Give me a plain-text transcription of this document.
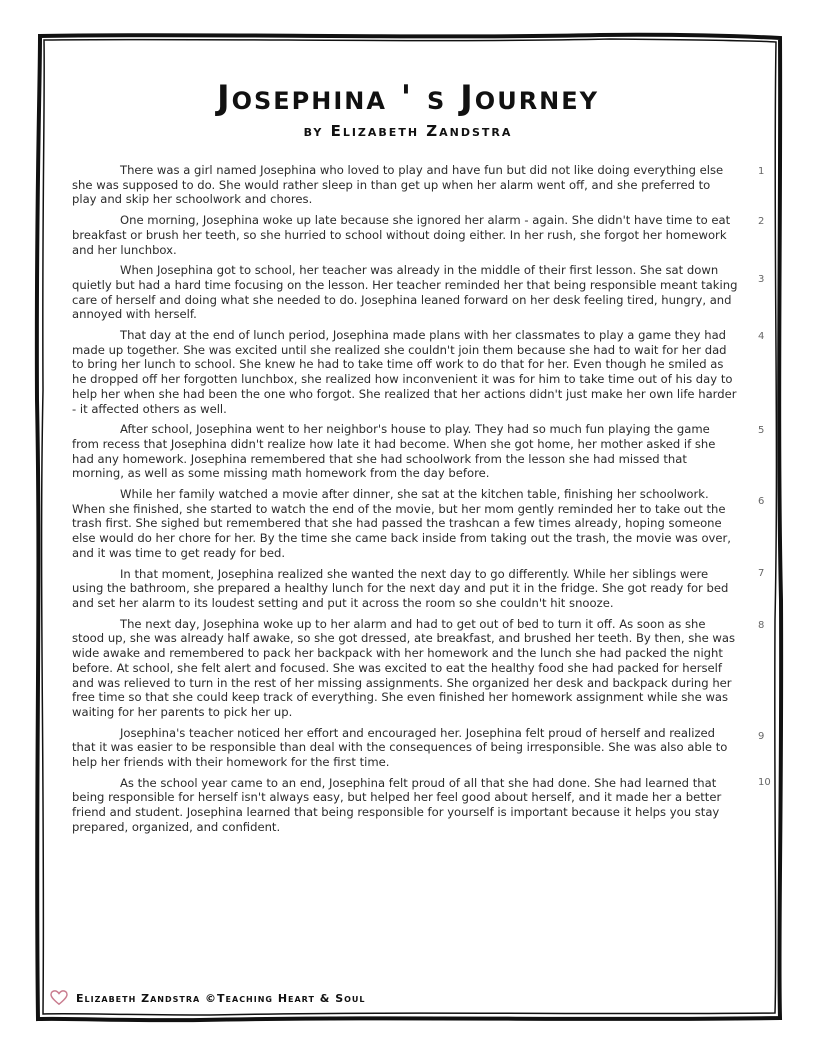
Josephina ' s Journey
by Elizabeth Zandstra

There was a girl named Josephina who loved to play and have fun but did not like doing everything else she was supposed to do. She would rather sleep in than get up when her alarm went off, and she preferred to play and skip her schoolwork and chores.
1

One morning, Josephina woke up late because she ignored her alarm - again. She didn't have time to eat breakfast or brush her teeth, so she hurried to school without doing either. In her rush, she forgot her homework and her lunchbox.
2

When Josephina got to school, her teacher was already in the middle of their first lesson. She sat down quietly but had a hard time focusing on the lesson. Her teacher reminded her that being responsible meant taking care of herself and doing what she needed to do. Josephina leaned forward on her desk feeling tired, hungry, and annoyed with herself.
3

That day at the end of lunch period, Josephina made plans with her classmates to play a game they had made up together. She was excited until she realized she couldn't join them because she had to wait for her dad to bring her lunch to school. She knew he had to take time off work to do that for her. Even though he smiled as he dropped off her forgotten lunchbox, she realized how inconvenient it was for him to take time out of his day to help her when she had been the one who forgot. She realized that her actions didn't just make her own life harder - it affected others as well.
4

After school, Josephina went to her neighbor's house to play. They had so much fun playing the game from recess that Josephina didn't realize how late it had become. When she got home, her mother asked if she had any homework. Josephina remembered that she had schoolwork from the lesson she had missed that morning, as well as some missing math homework from the day before.
5

While her family watched a movie after dinner, she sat at the kitchen table, finishing her schoolwork. When she finished, she started to watch the end of the movie, but her mom gently reminded her to take out the trash first. She sighed but remembered that she had passed the trashcan a few times already, hoping someone else would do her chore for her. By the time she came back inside from taking out the trash, the movie was over, and it was time to get ready for bed.
6

In that moment, Josephina realized she wanted the next day to go differently. While her siblings were using the bathroom, she prepared a healthy lunch for the next day and put it in the fridge. She got ready for bed and set her alarm to its loudest setting and put it across the room so she couldn't hit snooze.
7

The next day, Josephina woke up to her alarm and had to get out of bed to turn it off. As soon as she stood up, she was already half awake, so she got dressed, ate breakfast, and brushed her teeth. By then, she was wide awake and remembered to pack her backpack with her homework and the lunch she had packed the night before. At school, she felt alert and focused. She was excited to eat the healthy food she had packed for herself and was relieved to turn in the rest of her missing assignments. She organized her desk and backpack during her free time so that she could keep track of everything. She even finished her homework assignment while she was waiting for her parents to pick her up.
8

Josephina's teacher noticed her effort and encouraged her. Josephina felt proud of herself and realized that it was easier to be responsible than deal with the consequences of being irresponsible. She was also able to help her friends with their homework for the first time.
9

As the school year came to an end, Josephina felt proud of all that she had done. She had learned that being responsible for herself isn't always easy, but helped her feel good about herself, and it made her a better friend and student. Josephina learned that being responsible for yourself is important because it helps you stay prepared, organized, and confident.
10

Elizabeth Zandstra ©Teaching Heart & Soul
